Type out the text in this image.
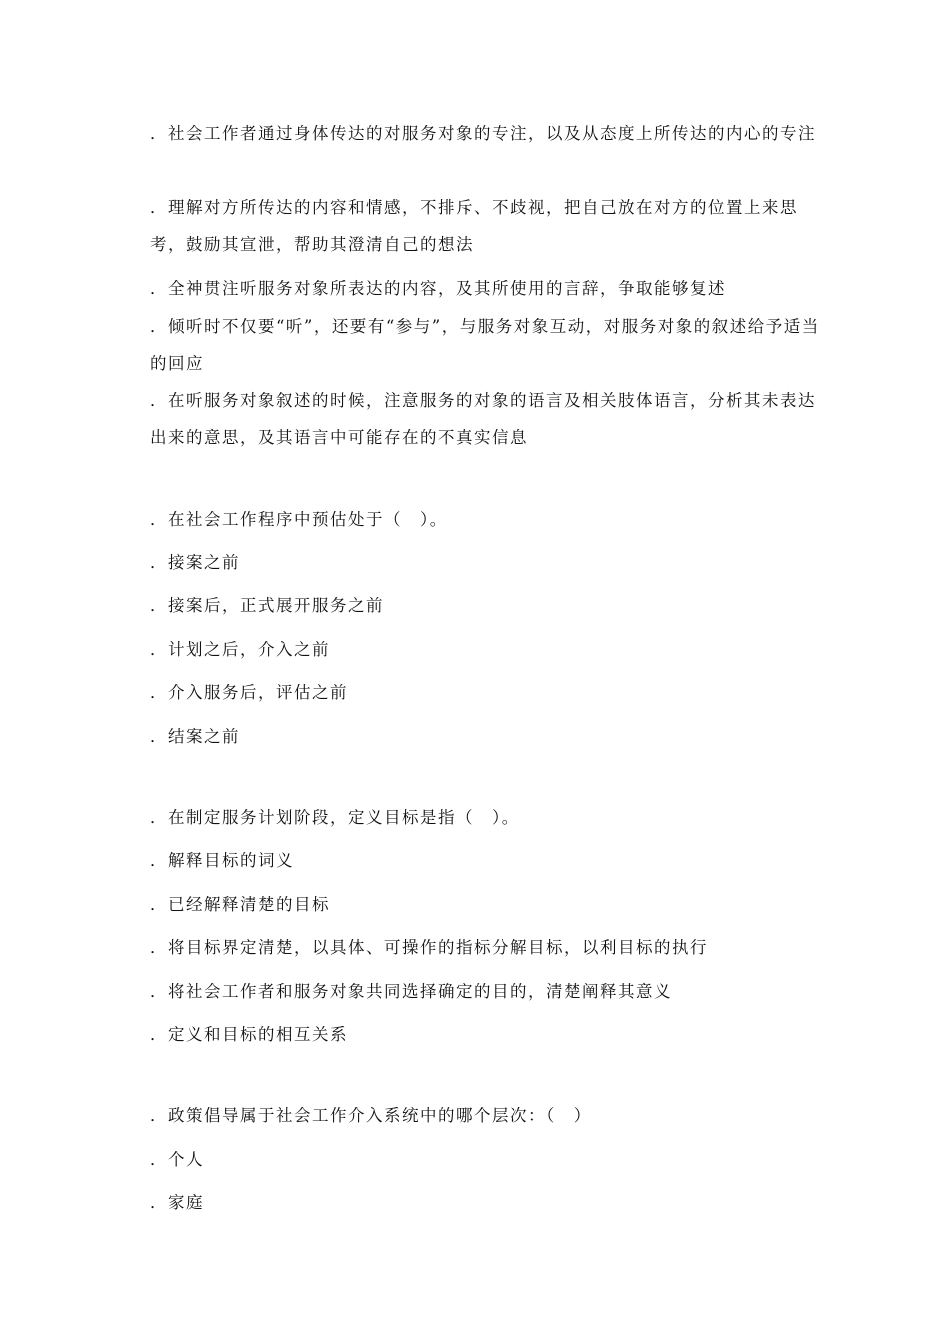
．社会工作者通过身体传达的对服务对象的专注，以及从态度上所传达的内心的专注
．理解对方所传达的内容和情感，不排斥、不歧视，把自己放在对方的位置上来思考，鼓励其宣泄，帮助其澄清自己的想法
．全神贯注听服务对象所表达的内容，及其所使用的言辞，争取能够复述
．倾听时不仅要“听”，还要有“参与”，与服务对象互动，对服务对象的叙述给予适当的回应
．在听服务对象叙述的时候，注意服务的对象的语言及相关肢体语言，分析其未表达出来的意思，及其语言中可能存在的不真实信息
．在社会工作程序中预估处于（　）。
．接案之前
．接案后，正式展开服务之前
．计划之后，介入之前
．介入服务后，评估之前
．结案之前
．在制定服务计划阶段，定义目标是指（　）。
．解释目标的词义
．已经解释清楚的目标
．将目标界定清楚，以具体、可操作的指标分解目标，以利目标的执行
．将社会工作者和服务对象共同选择确定的目的，清楚阐释其意义
．定义和目标的相互关系
．政策倡导属于社会工作介入系统中的哪个层次：（　）
．个人
．家庭
